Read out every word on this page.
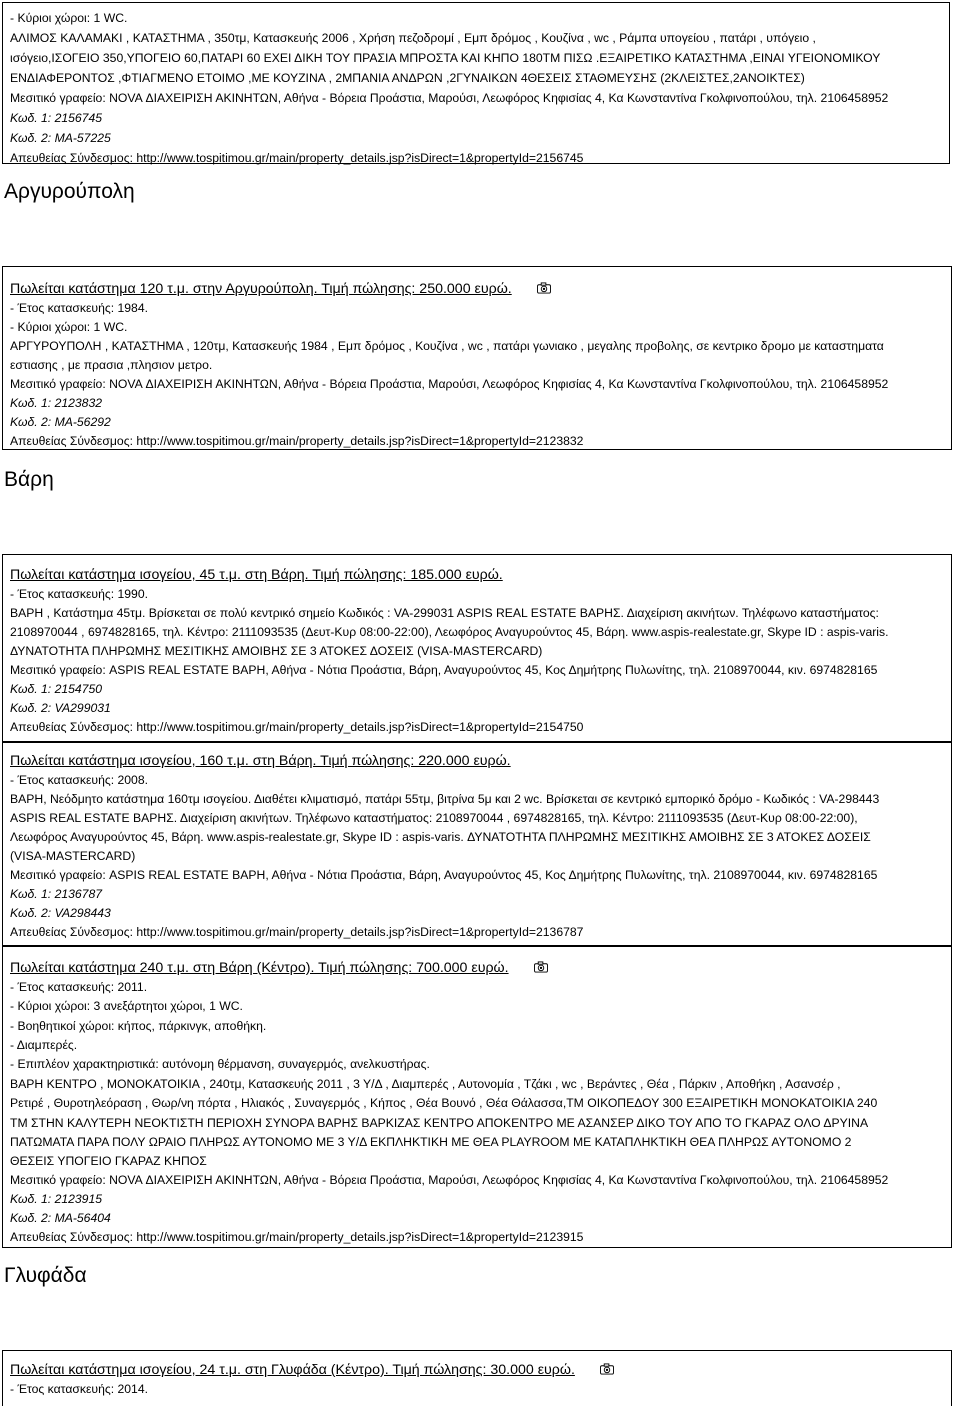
- Κύριοι χώροι: 1 WC.
ΑΛΙΜΟΣ ΚΑΛΑΜΑΚΙ , ΚΑΤΑΣΤΗΜΑ , 350τμ, Κατασκευής 2006 , Χρήση πεζοδρομί , Εμπ δρόμος , Κουζίνα , wc , Ράμπα υπογείου , πατάρι , υπόγειο ,
ισόγειο,ΙΣΟΓΕΙΟ 350,ΥΠΟΓΕΙΟ 60,ΠΑΤΑΡΙ 60 ΕΧΕΙ ΔΙΚΗ ΤΟΥ ΠΡΑΣΙΑ ΜΠΡΟΣΤΑ ΚΑΙ ΚΗΠΟ 180ΤΜ ΠΙΣΩ .ΕΞΑΙΡΕΤΙΚΟ ΚΑΤΑΣΤΗΜΑ ,ΕΙΝΑΙ ΥΓΕΙΟΝΟΜΙΚΟΥ
ΕΝΔΙΑΦΕΡΟΝΤΟΣ ,ΦΤΙΑΓΜΕΝΟ ΕΤΟΙΜΟ ,ΜΕ ΚΟΥΖΙΝΑ , 2ΜΠΑΝΙΑ ΑΝΔΡΩΝ ,2ΓΥΝΑΙΚΩΝ 4ΘΕΣΕΙΣ ΣΤΑΘΜΕΥΣΗΣ (2ΚΛΕΙΣΤΕΣ,2ΑΝΟΙΚΤΕΣ)
Μεσιτικό γραφείο: NOVA ΔΙΑΧΕΙΡΙΣΗ ΑΚΙΝΗΤΩΝ, Αθήνα - Βόρεια Προάστια, Μαρούσι, Λεωφόρος Κηφισίας 4, Κα Κωνσταντίνα Γκολφινοπούλου, τηλ. 2106458952
Κωδ. 1: 2156745
Κωδ. 2: MA-57225
Απευθείας Σύνδεσμος: http://www.tospitimou.gr/main/property_details.jsp?isDirect=1&propertyId=2156745
Αργυρούπολη
Πωλείται κατάστημα 120 τ.μ. στην Αργυρούπολη. Τιμή πώλησης: 250.000 ευρώ.
- Έτος κατασκευής: 1984.
- Κύριοι χώροι: 1 WC.
ΑΡΓΥΡΟΥΠΟΛΗ , ΚΑΤΑΣΤΗΜΑ , 120τμ, Κατασκευής 1984 , Εμπ δρόμος , Κουζίνα , wc , πατάρι γωνιακο , μεγαλης προβολης, σε κεντρικο δρομο με καταστηματα
εστιασης , με πρασια ,πλησιον μετρο.
Μεσιτικό γραφείο: NOVA ΔΙΑΧΕΙΡΙΣΗ ΑΚΙΝΗΤΩΝ, Αθήνα - Βόρεια Προάστια, Μαρούσι, Λεωφόρος Κηφισίας 4, Κα Κωνσταντίνα Γκολφινοπούλου, τηλ. 2106458952
Κωδ. 1: 2123832
Κωδ. 2: MA-56292
Απευθείας Σύνδεσμος: http://www.tospitimou.gr/main/property_details.jsp?isDirect=1&propertyId=2123832
Βάρη
Πωλείται κατάστημα ισογείου, 45 τ.μ. στη Βάρη. Τιμή πώλησης: 185.000 ευρώ.
- Έτος κατασκευής: 1990.
ΒΑΡΗ , Κατάστημα 45τμ. Βρίσκεται σε πολύ κεντρικό σημείο Κωδικός : VA-299031 ASPIS REAL ESTATE ΒΑΡΗΣ. Διαχείριση ακινήτων. Τηλέφωνο καταστήματος:
2108970044 , 6974828165, τηλ. Κέντρο: 2111093535 (Δευτ-Κυρ 08:00-22:00), Λεωφόρος Αναγυρούντος 45, Βάρη. www.aspis-realestate.gr, Skype ID : aspis-varis.
ΔΥΝΑΤΟΤΗΤΑ ΠΛΗΡΩΜΗΣ ΜΕΣΙΤΙΚΗΣ ΑΜΟΙΒΗΣ ΣΕ 3 ΑΤΟΚΕΣ ΔΟΣΕΙΣ (VISA-MASTERCARD)
Μεσιτικό γραφείο: ASPIS REAL ESTATE ΒΑΡΗ, Αθήνα - Νότια Προάστια, Βάρη, Αναγυρούντος 45, Κος Δημήτρης Πυλωνίτης, τηλ. 2108970044, κιν. 6974828165
Κωδ. 1: 2154750
Κωδ. 2: VA299031
Απευθείας Σύνδεσμος: http://www.tospitimou.gr/main/property_details.jsp?isDirect=1&propertyId=2154750
Πωλείται κατάστημα ισογείου, 160 τ.μ. στη Βάρη. Τιμή πώλησης: 220.000 ευρώ.
- Έτος κατασκευής: 2008.
ΒΑΡΗ, Νεόδμητο κατάστημα 160τμ ισογείου. Διαθέτει κλιματισμό, πατάρι 55τμ, βιτρίνα 5μ και 2 wc. Βρίσκεται σε κεντρικό εμπορικό δρόμο - Κωδικός : VA-298443
ASPIS REAL ESTATE ΒΑΡΗΣ. Διαχείριση ακινήτων. Τηλέφωνο καταστήματος: 2108970044 , 6974828165, τηλ. Κέντρο: 2111093535 (Δευτ-Κυρ 08:00-22:00),
Λεωφόρος Αναγυρούντος 45, Βάρη. www.aspis-realestate.gr, Skype ID : aspis-varis. ΔΥΝΑΤΟΤΗΤΑ ΠΛΗΡΩΜΗΣ ΜΕΣΙΤΙΚΗΣ ΑΜΟΙΒΗΣ ΣΕ 3 ΑΤΟΚΕΣ ΔΟΣΕΙΣ
(VISA-MASTERCARD)
Μεσιτικό γραφείο: ASPIS REAL ESTATE ΒΑΡΗ, Αθήνα - Νότια Προάστια, Βάρη, Αναγυρούντος 45, Κος Δημήτρης Πυλωνίτης, τηλ. 2108970044, κιν. 6974828165
Κωδ. 1: 2136787
Κωδ. 2: VA298443
Απευθείας Σύνδεσμος: http://www.tospitimou.gr/main/property_details.jsp?isDirect=1&propertyId=2136787
Πωλείται κατάστημα 240 τ.μ. στη Βάρη (Κέντρο). Τιμή πώλησης: 700.000 ευρώ.
- Έτος κατασκευής: 2011.
- Κύριοι χώροι: 3 ανεξάρτητοι χώροι, 1 WC.
- Βοηθητικοί χώροι: κήπος, πάρκινγκ, αποθήκη.
- Διαμπερές.
- Επιπλέον χαρακτηριστικά: αυτόνομη θέρμανση, συναγερμός, ανελκυστήρας.
ΒΑΡΗ ΚΕΝΤΡΟ , ΜΟΝΟΚΑΤΟΙΚΙΑ , 240τμ, Κατασκευής 2011 , 3 Υ/Δ , Διαμπερές , Αυτονομία , Τζάκι , wc , Βεράντες , Θέα , Πάρκιν , Αποθήκη , Ασανσέρ ,
Ρετιρέ , Θυροτηλεόραση , Θωρ/νη πόρτα , Ηλιακός , Συναγερμός , Κήπος , Θέα Βουνό , Θέα Θάλασσα,ΤΜ ΟΙΚΟΠΕΔΟΥ 300 ΕΞΑΙΡΕΤΙΚΗ ΜΟΝΟΚΑΤΟΙΚΙΑ 240
ΤΜ ΣΤΗΝ ΚΑΛΥΤΕΡΗ ΝΕΟΚΤΙΣΤΗ ΠΕΡΙΟΧΗ ΣΥΝΟΡΑ ΒΑΡΗΣ ΒΑΡΚΙΖΑΣ ΚΕΝΤΡΟ ΑΠΟΚΕΝΤΡΟ ΜΕ ΑΣΑΝΣΕΡ ΔΙΚΟ ΤΟΥ ΑΠΟ ΤΟ ΓΚΑΡΑΖ ΟΛΟ ΔΡΥΙΝΑ
ΠΑΤΩΜΑΤΑ ΠΑΡΑ ΠΟΛΥ ΩΡΑΙΟ ΠΛΗΡΩΣ ΑΥΤΟΝΟΜΟ ΜΕ 3 Υ/Δ ΕΚΠΛΗΚΤΙΚΗ ΜΕ ΘΕΑ PLAYROOM ΜΕ ΚΑΤΑΠΛΗΚΤΙΚΗ ΘΕΑ ΠΛΗΡΩΣ ΑΥΤΟΝΟΜΟ 2
ΘΕΣΕΙΣ ΥΠΟΓΕΙΟ ΓΚΑΡΑΖ ΚΗΠΟΣ
Μεσιτικό γραφείο: NOVA ΔΙΑΧΕΙΡΙΣΗ ΑΚΙΝΗΤΩΝ, Αθήνα - Βόρεια Προάστια, Μαρούσι, Λεωφόρος Κηφισίας 4, Κα Κωνσταντίνα Γκολφινοπούλου, τηλ. 2106458952
Κωδ. 1: 2123915
Κωδ. 2: MA-56404
Απευθείας Σύνδεσμος: http://www.tospitimou.gr/main/property_details.jsp?isDirect=1&propertyId=2123915
Γλυφάδα
Πωλείται κατάστημα ισογείου, 24 τ.μ. στη Γλυφάδα (Κέντρο). Τιμή πώλησης: 30.000 ευρώ.
- Έτος κατασκευής: 2014.
